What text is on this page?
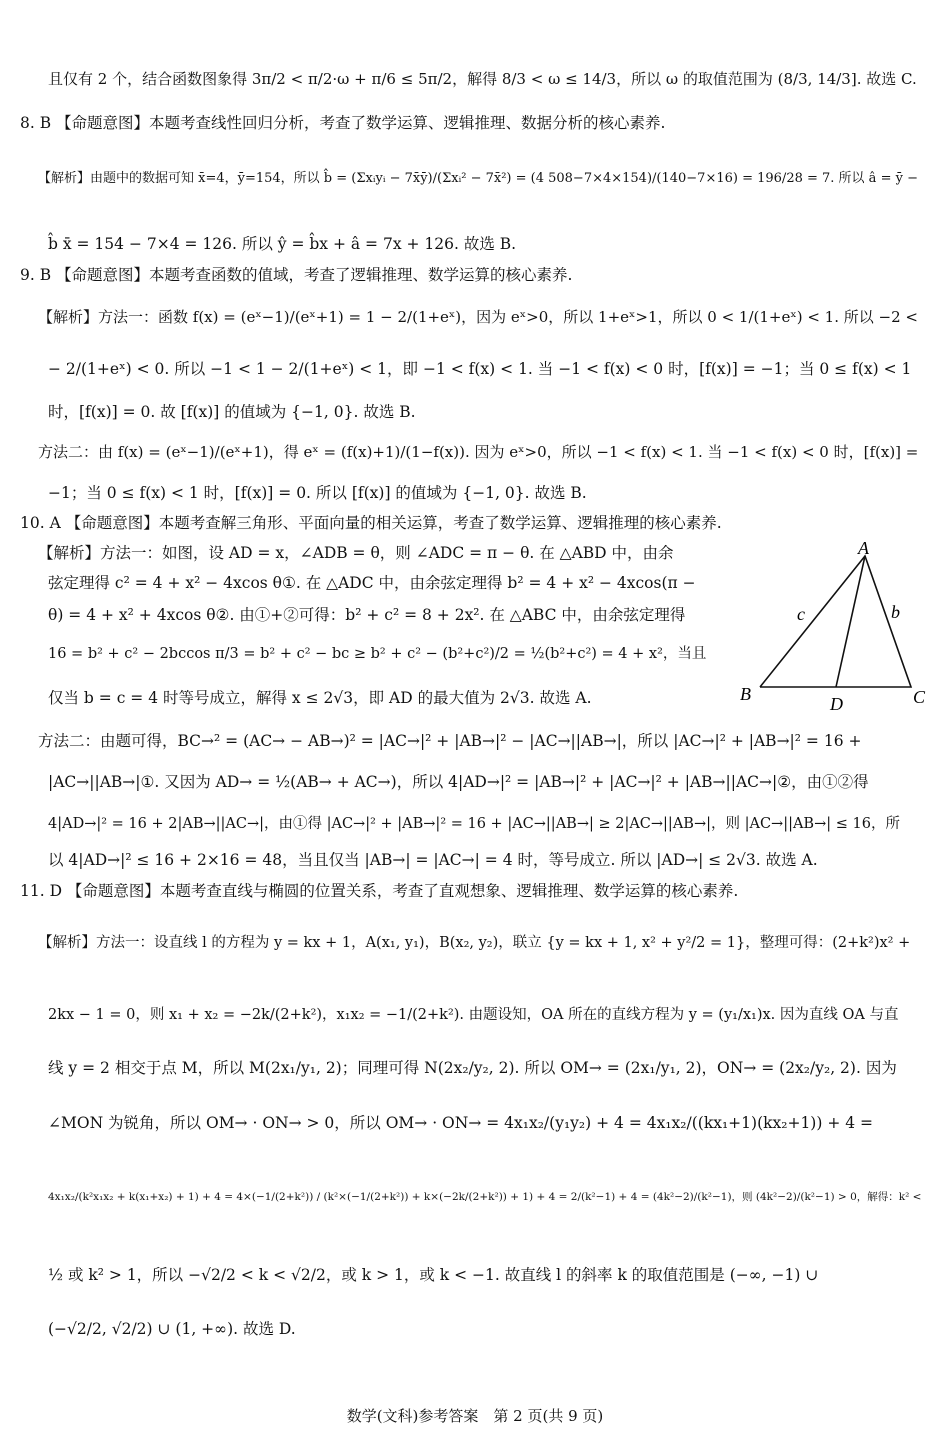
且仅有 2 个，结合函数图象得 3π/2 < π/2·ω + π/6 ≤ 5π/2，解得 8/3 < ω ≤ 14/3，所以 ω 的取值范围为 (8/3, 14/3]. 故选 C.
8. B 【命题意图】本题考查线性回归分析，考查了数学运算、逻辑推理、数据分析的核心素养.
【解析】由题中的数据可知 x̄=4，ȳ=154，所以 b̂ = (Σxᵢyᵢ − 7x̄ȳ)/(Σxᵢ² − 7x̄²) = (4 508−7×4×154)/(140−7×16) = 196/28 = 7. 所以 â = ȳ −
b̂ x̄ = 154 − 7×4 = 126. 所以 ŷ = b̂x + â = 7x + 126. 故选 B.
9. B 【命题意图】本题考查函数的值域，考查了逻辑推理、数学运算的核心素养.
【解析】方法一：函数 f(x) = (eˣ−1)/(eˣ+1) = 1 − 2/(1+eˣ)，因为 eˣ>0，所以 1+eˣ>1，所以 0 < 1/(1+eˣ) < 1. 所以 −2 <
− 2/(1+eˣ) < 0. 所以 −1 < 1 − 2/(1+eˣ) < 1，即 −1 < f(x) < 1. 当 −1 < f(x) < 0 时，[f(x)] = −1；当 0 ≤ f(x) < 1
时，[f(x)] = 0. 故 [f(x)] 的值域为 {−1, 0}. 故选 B.
方法二：由 f(x) = (eˣ−1)/(eˣ+1)，得 eˣ = (f(x)+1)/(1−f(x)). 因为 eˣ>0，所以 −1 < f(x) < 1. 当 −1 < f(x) < 0 时，[f(x)] =
−1；当 0 ≤ f(x) < 1 时，[f(x)] = 0. 所以 [f(x)] 的值域为 {−1, 0}. 故选 B.
10. A 【命题意图】本题考查解三角形、平面向量的相关运算，考查了数学运算、逻辑推理的核心素养.
【解析】方法一：如图，设 AD = x，∠ADB = θ，则 ∠ADC = π − θ. 在 △ABD 中，由余
弦定理得 c² = 4 + x² − 4xcos θ①. 在 △ADC 中，由余弦定理得 b² = 4 + x² − 4xcos(π −
θ) = 4 + x² + 4xcos θ②. 由①+②可得：b² + c² = 8 + 2x². 在 △ABC 中，由余弦定理得
16 = b² + c² − 2bccos π/3 = b² + c² − bc ≥ b² + c² − (b²+c²)/2 = ½(b²+c²) = 4 + x²，当且
仅当 b = c = 4 时等号成立，解得 x ≤ 2√3，即 AD 的最大值为 2√3. 故选 A.
方法二：由题可得，BC→² = (AC→ − AB→)² = |AC→|² + |AB→|² − |AC→||AB→|，所以 |AC→|² + |AB→|² = 16 +
|AC→||AB→|①. 又因为 AD→ = ½(AB→ + AC→)，所以 4|AD→|² = |AB→|² + |AC→|² + |AB→||AC→|②，由①②得
4|AD→|² = 16 + 2|AB→||AC→|，由①得 |AC→|² + |AB→|² = 16 + |AC→||AB→| ≥ 2|AC→||AB→|，则 |AC→||AB→| ≤ 16，所
以 4|AD→|² ≤ 16 + 2×16 = 48，当且仅当 |AB→| = |AC→| = 4 时，等号成立. 所以 |AD→| ≤ 2√3. 故选 A.
11. D 【命题意图】本题考查直线与椭圆的位置关系，考查了直观想象、逻辑推理、数学运算的核心素养.
【解析】方法一：设直线 l 的方程为 y = kx + 1，A(x₁, y₁)，B(x₂, y₂)，联立 {y = kx + 1, x² + y²/2 = 1}，整理可得：(2+k²)x² +
2kx − 1 = 0，则 x₁ + x₂ = −2k/(2+k²)，x₁x₂ = −1/(2+k²). 由题设知，OA 所在的直线方程为 y = (y₁/x₁)x. 因为直线 OA 与直
线 y = 2 相交于点 M，所以 M(2x₁/y₁, 2)；同理可得 N(2x₂/y₂, 2). 所以 OM→ = (2x₁/y₁, 2)，ON→ = (2x₂/y₂, 2). 因为
∠MON 为锐角，所以 OM→ · ON→ > 0，所以 OM→ · ON→ = 4x₁x₂/(y₁y₂) + 4 = 4x₁x₂/((kx₁+1)(kx₂+1)) + 4 =
4x₁x₂/(k²x₁x₂ + k(x₁+x₂) + 1) + 4 = 4×(−1/(2+k²)) / (k²×(−1/(2+k²)) + k×(−2k/(2+k²)) + 1) + 4 = 2/(k²−1) + 4 = (4k²−2)/(k²−1)，则 (4k²−2)/(k²−1) > 0，解得：k² <
½ 或 k² > 1，所以 −√2/2 < k < √2/2，或 k > 1，或 k < −1. 故直线 l 的斜率 k 的取值范围是 (−∞, −1) ∪
(−√2/2, √2/2) ∪ (1, +∞). 故选 D.
A
B	C
D
c	b
数学(文科)参考答案　第 2 页(共 9 页)
